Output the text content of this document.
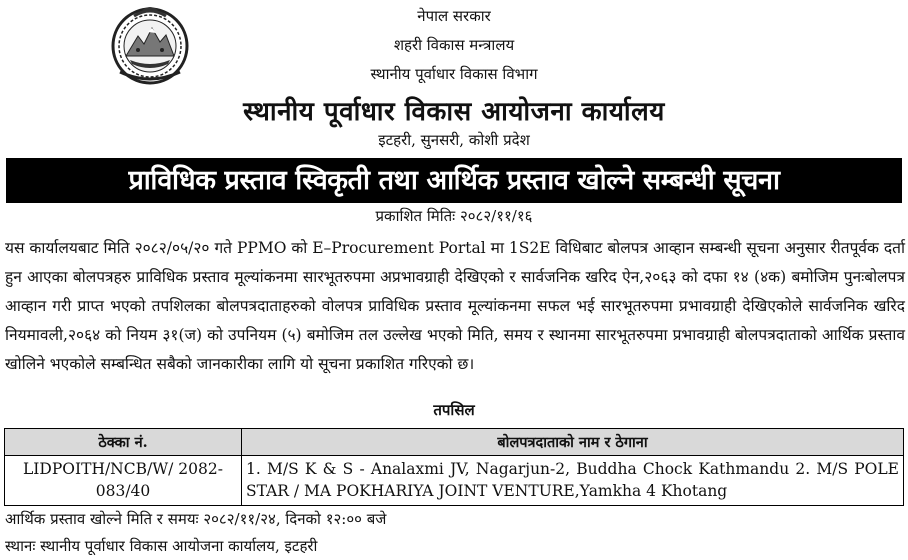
नेपाल सरकार
शहरी विकास मन्त्रालय
स्थानीय पूर्वाधार विकास विभाग
स्थानीय पूर्वाधार विकास आयोजना कार्यालय
इटहरी, सुनसरी, कोशी प्रदेश
प्राविधिक प्रस्ताव स्विकृती तथा आर्थिक प्रस्ताव खोल्ने सम्बन्धी सूचना
प्रकाशित मितिः २०८२/११/१६
यस कार्यालयबाट मिति २०८२/०५/२० गते PPMO को E–Procurement Portal मा 1S2E विधिबाट बोलपत्र आव्हान सम्बन्धी सूचना अनुसार रीतपूर्वक दर्ता हुन आएका बोलपत्रहरु प्राविधिक प्रस्ताव मूल्यांकनमा सारभूतरुपमा अप्रभावग्राही देखिएको र सार्वजनिक खरिद ऐन,२०६३ को दफा १४ (४क) बमोजिम पुनःबोलपत्र आव्हान गरी प्राप्त भएको तपशिलका बोलपत्रदाताहरुको वोलपत्र प्राविधिक प्रस्ताव मूल्यांकनमा सफल भई सारभूतरुपमा प्रभावग्राही देखिएकोले सार्वजनिक खरिद नियमावली,२०६४ को नियम ३१(ज) को उपनियम (५) बमोजिम तल उल्लेख भएको मिति, समय र स्थानमा सारभूतरुपमा प्रभावग्राही बोलपत्रदाताको आर्थिक प्रस्ताव खोलिने भएकोले सम्बन्धित सबैको जानकारीका लागि यो सूचना प्रकाशित गरिएको छ।
तपसिल
ठेक्का नं.	बोलपत्रदाताको नाम र ठेगाना
LIDPOITH/NCB/W/ 2082-083/40	1. M/S K & S - Analaxmi JV, Nagarjun-2, Buddha Chock Kathmandu 2. M/S POLE STAR / MA POKHARIYA JOINT VENTURE,Yamkha 4 Khotang
आर्थिक प्रस्ताव खोल्ने मिति र समयः २०८२/११/२४, दिनको १२:०० बजे
स्थानः स्थानीय पूर्वाधार विकास आयोजना कार्यालय, इटहरी
